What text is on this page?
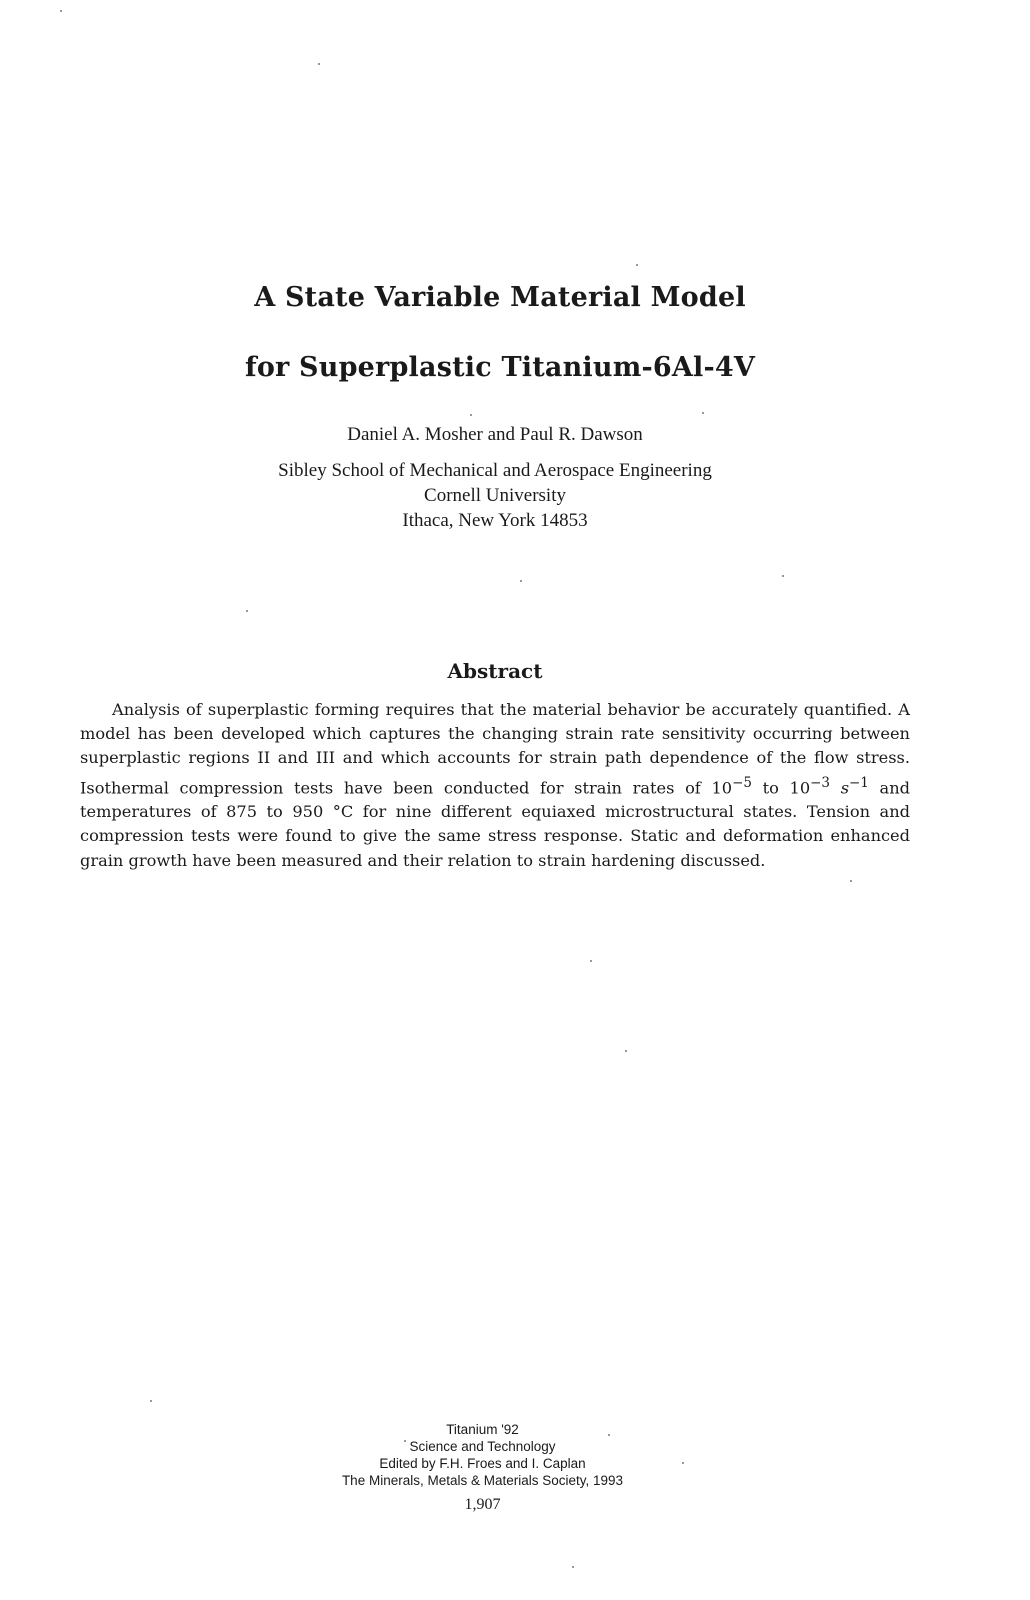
A State Variable Material Model
for Superplastic Titanium-6Al-4V
Daniel A. Mosher and Paul R. Dawson
Sibley School of Mechanical and Aerospace Engineering
Cornell University
Ithaca, New York 14853
Abstract
Analysis of superplastic forming requires that the material behavior be accurately quantified. A model has been developed which captures the changing strain rate sensitivity occurring between superplastic regions II and III and which accounts for strain path dependence of the flow stress. Isothermal compression tests have been conducted for strain rates of $10^{-5}$ to $10^{-3}$ $s^{-1}$ and temperatures of 875 to 950 °C for nine different equiaxed microstructural states. Tension and compression tests were found to give the same stress response. Static and deformation enhanced grain growth have been measured and their relation to strain hardening discussed.
Titanium '92
Science and Technology
Edited by F.H. Froes and I. Caplan
The Minerals, Metals & Materials Society, 1993
1,907
